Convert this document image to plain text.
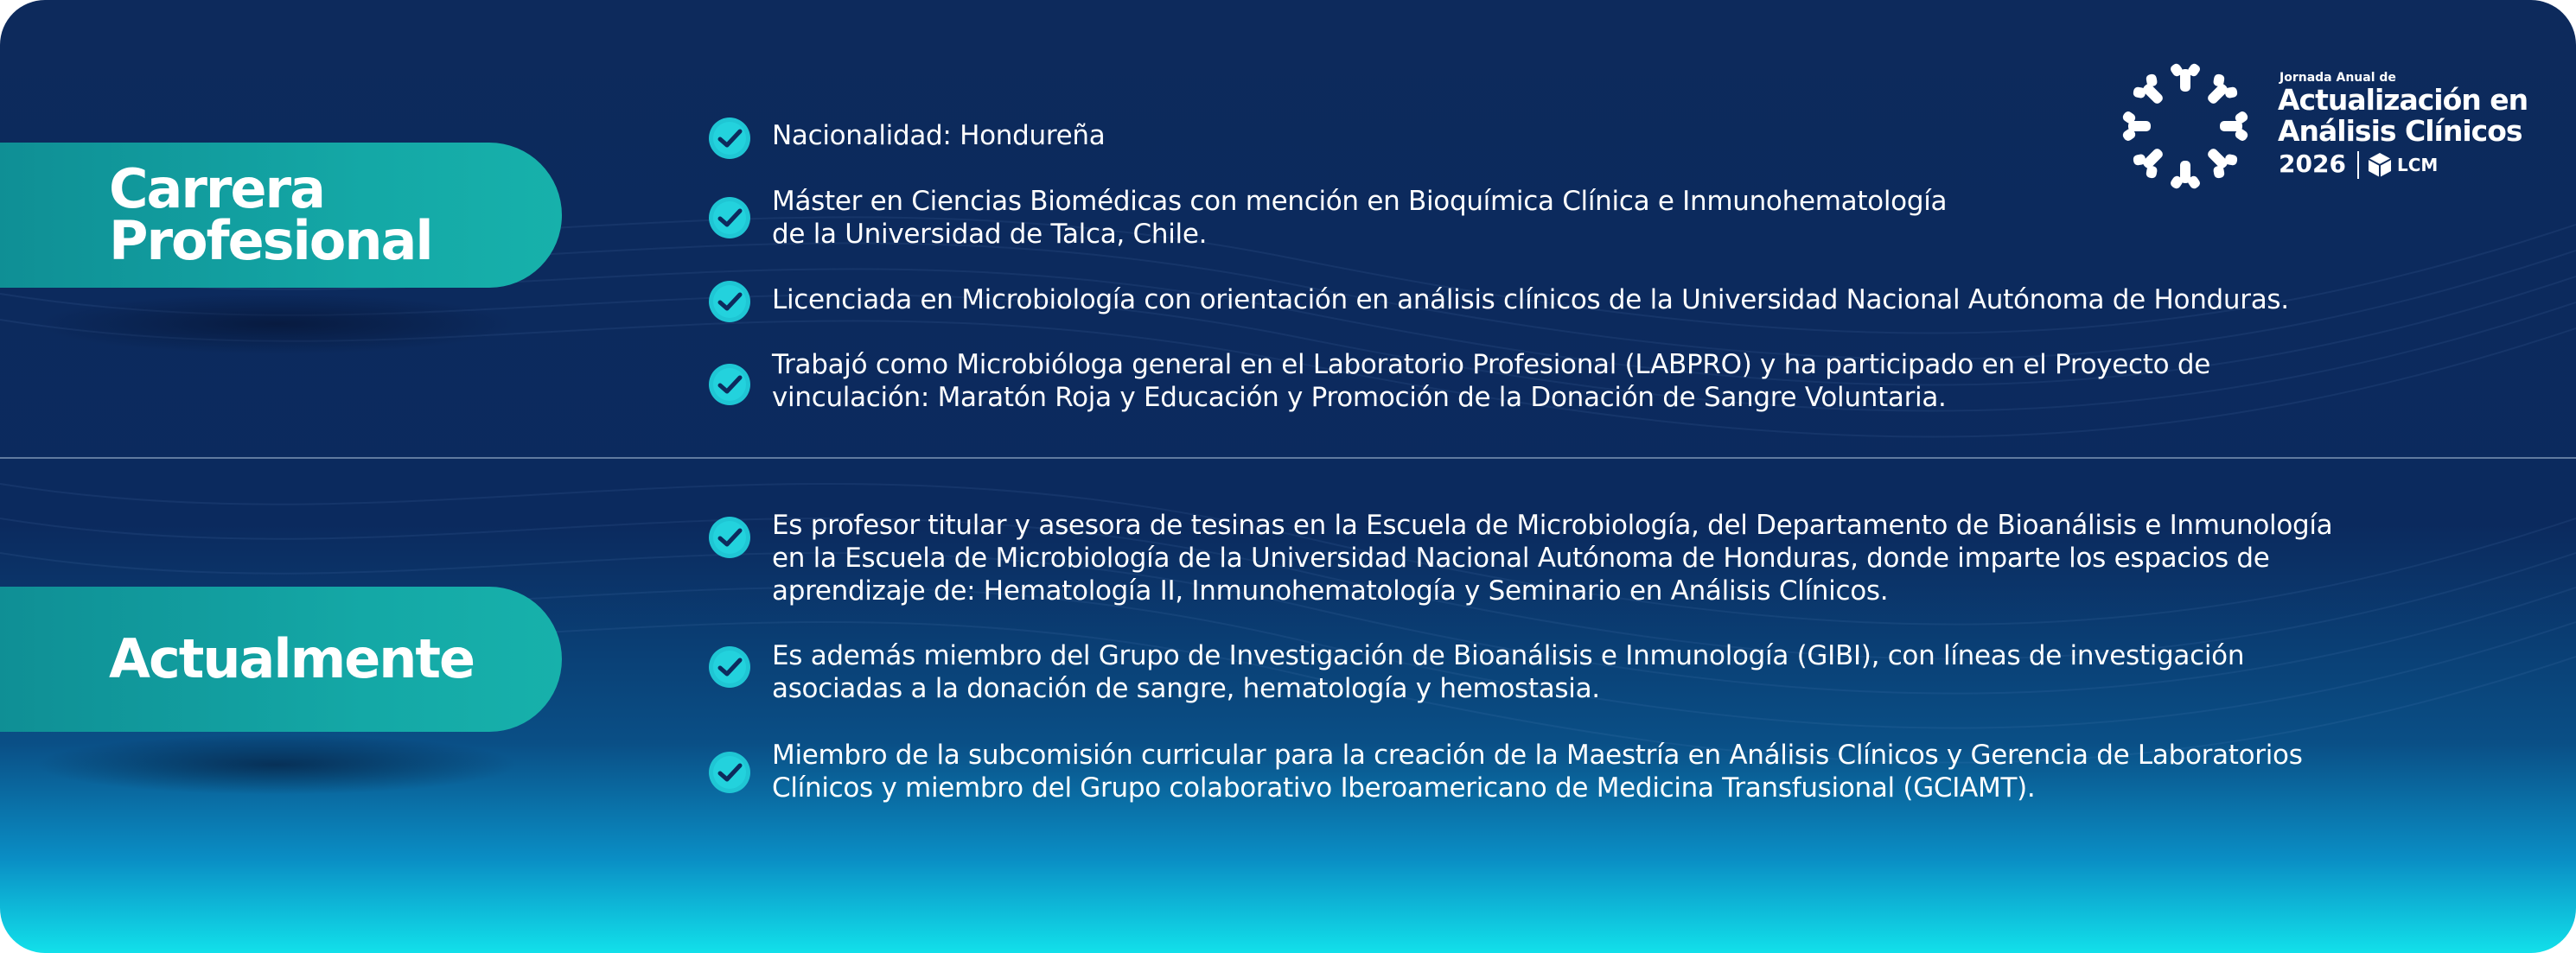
Carrera
Profesional
Actualmente
Nacionalidad: Hondureña
Máster en Ciencias Biomédicas con mención en Bioquímica Clínica e Inmunohematología
de la Universidad de Talca, Chile.
Licenciada en Microbiología con orientación en análisis clínicos de la Universidad Nacional Autónoma de Honduras.
Trabajó como Microbióloga general en el Laboratorio Profesional (LABPRO) y ha participado en el Proyecto de
vinculación: Maratón Roja y Educación y Promoción de la Donación de Sangre Voluntaria.
Es profesor titular y asesora de tesinas en la Escuela de Microbiología, del Departamento de Bioanálisis e Inmunología
en la Escuela de Microbiología de la Universidad Nacional Autónoma de Honduras, donde imparte los espacios de
aprendizaje de: Hematología II, Inmunohematología y Seminario en Análisis Clínicos.
Es además miembro del Grupo de Investigación de Bioanálisis e Inmunología (GIBI), con líneas de investigación
asociadas a la donación de sangre, hematología y hemostasia.
Miembro de la subcomisión curricular para la creación de la Maestría en Análisis Clínicos y Gerencia de Laboratorios
Clínicos y miembro del Grupo colaborativo Iberoamericano de Medicina Transfusional (GCIAMT).
Jornada Anual de
Actualización en
Análisis Clínicos
2026	LCM
